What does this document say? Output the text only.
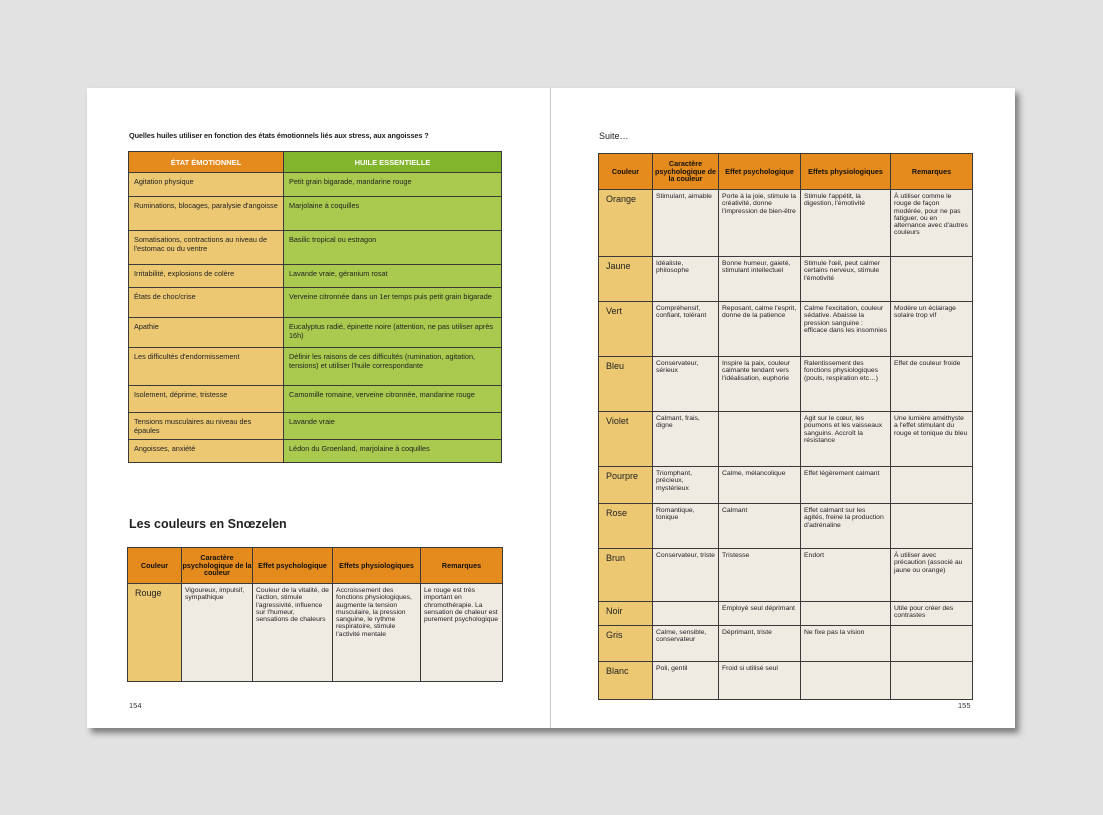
Quelles huiles utiliser en fonction des états émotionnels liés aux stress, aux angoisses ?
ÉTAT ÉMOTIONNEL	HUILE ESSENTIELLE
Agitation physique	Petit grain bigarade, mandarine rouge
Ruminations, blocages, paralysie d'angoisse	Marjolaine à coquilles
Somatisations, contractions au niveau de l'estomac ou du ventre	Basilic tropical ou estragon
Irritabilité, explosions de colère	Lavande vraie, géranium rosat
États de choc/crise	Verveine citronnée dans un 1er temps puis petit grain bigarade
Apathie	Eucalyptus radié, épinette noire (attention, ne pas utiliser après 16h)
Les difficultés d'endormissement	Définir les raisons de ces difficultés (rumination, agitation, tensions) et utiliser l'huile correspondante
Isolement, déprime, tristesse	Camomille romaine, verveine citronnée, mandarine rouge
Tensions musculaires au niveau des épaules	Lavande vraie
Angoisses, anxiété	Lédon du Groenland, marjolaine à coquilles
Les couleurs en Snœzelen
Couleur	Caractère psychologique de la couleur	Effet psychologique	Effets physiologiques	Remarques
Rouge	Vigoureux, impulsif, sympathique	Couleur de la vitalité, de l'action, stimule l'agressivité, influence sur l'humeur, sensations de chaleurs	Accroissement des fonctions physiologiques, augmente la tension musculaire, la pression sanguine, le rythme respiratoire, stimule l'activité mentale	Le rouge est très important en chromothérapie. La sensation de chaleur est purement psychologique
154
Suite…
Couleur	Caractère psychologique de la couleur	Effet psychologique	Effets physiologiques	Remarques
Orange	Stimulant, aimable	Porte à la joie, stimule la créativité, donne l'impression de bien-être	Stimule l'appétit, la digestion, l'émotivité	À utiliser comme le rouge de façon modérée, pour ne pas fatiguer, ou en alternance avec d'autres couleurs
Jaune	Idéaliste, philosophe	Bonne humeur, gaieté, stimulant intellectuel	Stimule l'œil, peut calmer certains nerveux, stimule l'émotivité	
Vert	Compréhensif, confiant, tolérant	Reposant, calme l'esprit, donne de la patience	Calme l'excitation, couleur sédative. Abaisse la pression sanguine : efficace dans les insomnies	Modère un éclairage solaire trop vif
Bleu	Conservateur, sérieux	Inspire la paix, couleur calmante tendant vers l'idéalisation, euphorie	Ralentissement des fonctions physiologiques (pouls, respiration etc…)	Effet de couleur froide
Violet	Calmant, frais, digne		Agit sur le cœur, les poumons et les vaisseaux sanguins. Accroît la résistance	Une lumière améthyste a l'effet stimulant du rouge et tonique du bleu
Pourpre	Triomphant, précieux, mystérieux	Calme, mélancolique	Effet légèrement calmant	
Rose	Romantique, tonique	Calmant	Effet calmant sur les agités, freine la production d'adrénaline	
Brun	Conservateur, triste	Tristesse	Endort	À utiliser avec précaution (associé au jaune ou orange)
Noir		Employé seul déprimant		Utile pour créer des contrastes
Gris	Calme, sensible, conservateur	Déprimant, triste	Ne fixe pas la vision	
Blanc	Poli, gentil	Froid si utilisé seul		
155
